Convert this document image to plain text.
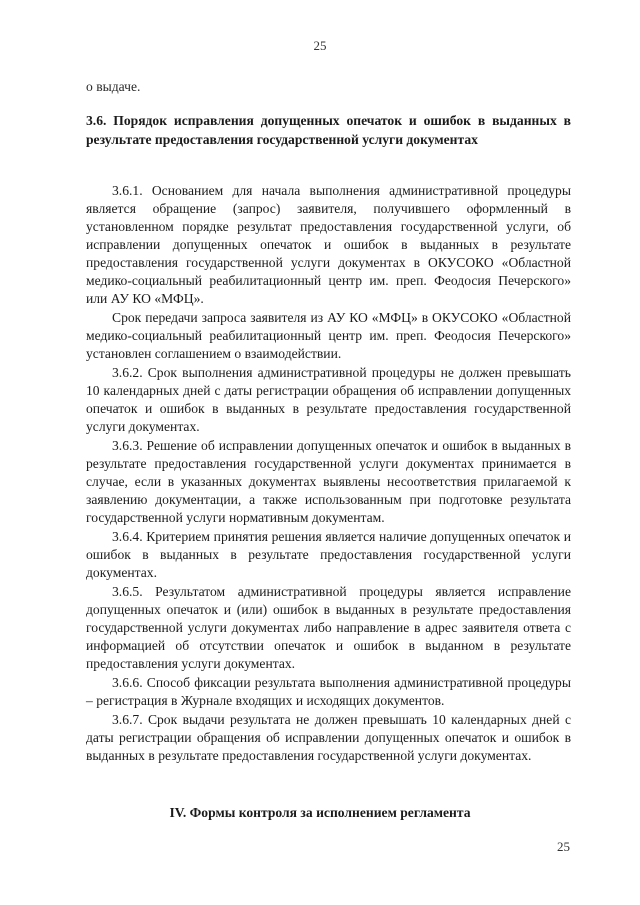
25
о выдаче.
3.6. Порядок исправления допущенных опечаток и ошибок в выданных в результате предоставления государственной услуги документах

3.6.1. Основанием для начала выполнения административной процедуры является обращение (запрос) заявителя, получившего оформленный в установленном порядке результат предоставления государственной услуги, об исправлении допущенных опечаток и ошибок в выданных в результате предоставления государственной услуги документах в ОКУСОКО «Областной медико-социальный реабилитационный центр им. преп. Феодосия Печерского» или АУ КО «МФЦ».

Срок передачи запроса заявителя из АУ КО «МФЦ» в ОКУСОКО «Областной медико-социальный реабилитационный центр им. преп. Феодосия Печерского» установлен соглашением о взаимодействии.

3.6.2. Срок выполнения административной процедуры не должен превышать 10 календарных дней с даты регистрации обращения об исправлении допущенных опечаток и ошибок в выданных в результате предоставления государственной услуги документах.

3.6.3. Решение об исправлении допущенных опечаток и ошибок в выданных в результате предоставления государственной услуги документах принимается в случае, если в указанных документах выявлены несоответствия прилагаемой к заявлению документации, а также использованным при подготовке результата государственной услуги нормативным документам.

3.6.4. Критерием принятия решения является наличие допущенных опечаток и ошибок в выданных в результате предоставления государственной услуги документах.

3.6.5. Результатом административной процедуры является исправление допущенных опечаток и (или) ошибок в выданных в результате предоставления государственной услуги документах либо направление в адрес заявителя ответа с информацией об отсутствии опечаток и ошибок в выданном в результате предоставления услуги документах.

3.6.6. Способ фиксации результата выполнения административной процедуры – регистрация в Журнале входящих и исходящих документов.

3.6.7. Срок выдачи результата не должен превышать 10 календарных дней с даты регистрации обращения об исправлении допущенных опечаток и ошибок в выданных в результате предоставления государственной услуги документах.

IV. Формы контроля за исполнением регламента
25
